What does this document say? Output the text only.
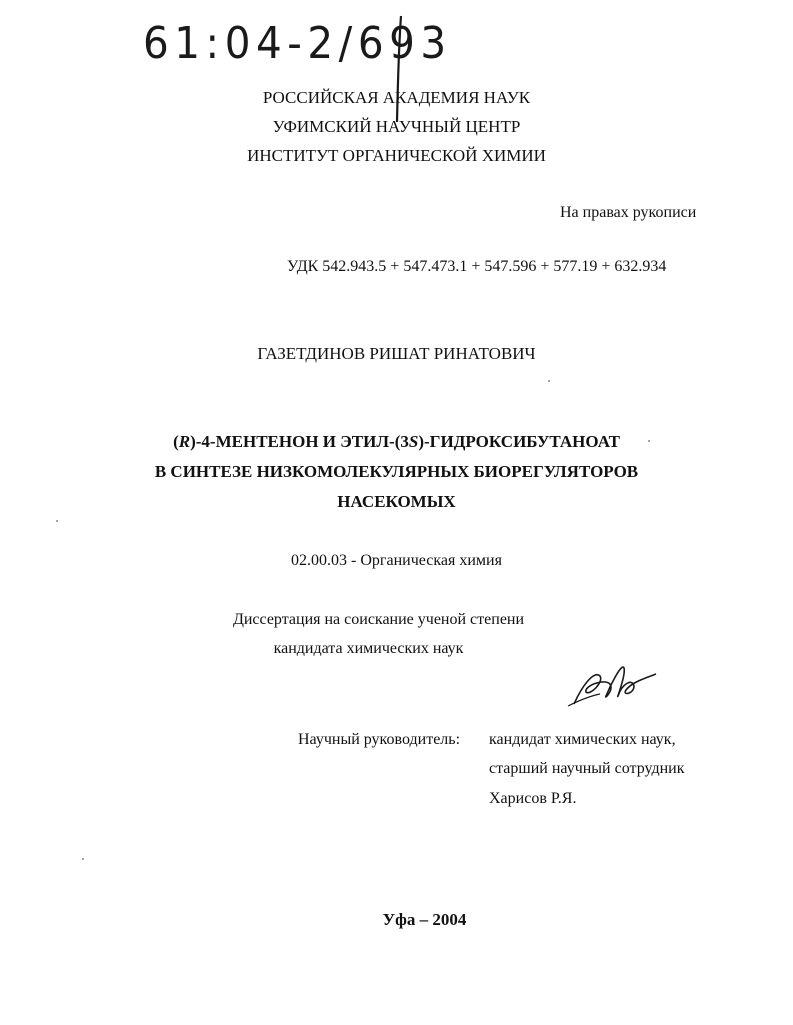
61:04-2/693
РОССИЙСКАЯ АКАДЕМИЯ НАУК
УФИМСКИЙ НАУЧНЫЙ ЦЕНТР
ИНСТИТУТ ОРГАНИЧЕСКОЙ ХИМИИ
На правах рукописи
УДК 542.943.5 + 547.473.1 + 547.596 + 577.19 + 632.934
ГАЗЕТДИНОВ РИШАТ РИНАТОВИЧ
(R)-4-МЕНТЕНОН И ЭТИЛ-(3S)-ГИДРОКСИБУТАНОАТ
В СИНТЕЗЕ НИЗКОМОЛЕКУЛЯРНЫХ БИОРЕГУЛЯТОРОВ
НАСЕКОМЫХ
02.00.03 - Органическая химия
Диссертация на соискание ученой степени
кандидата химических наук
Научный руководитель: кандидат химических наук,
старший научный сотрудник
Харисов Р.Я.
Уфа – 2004
